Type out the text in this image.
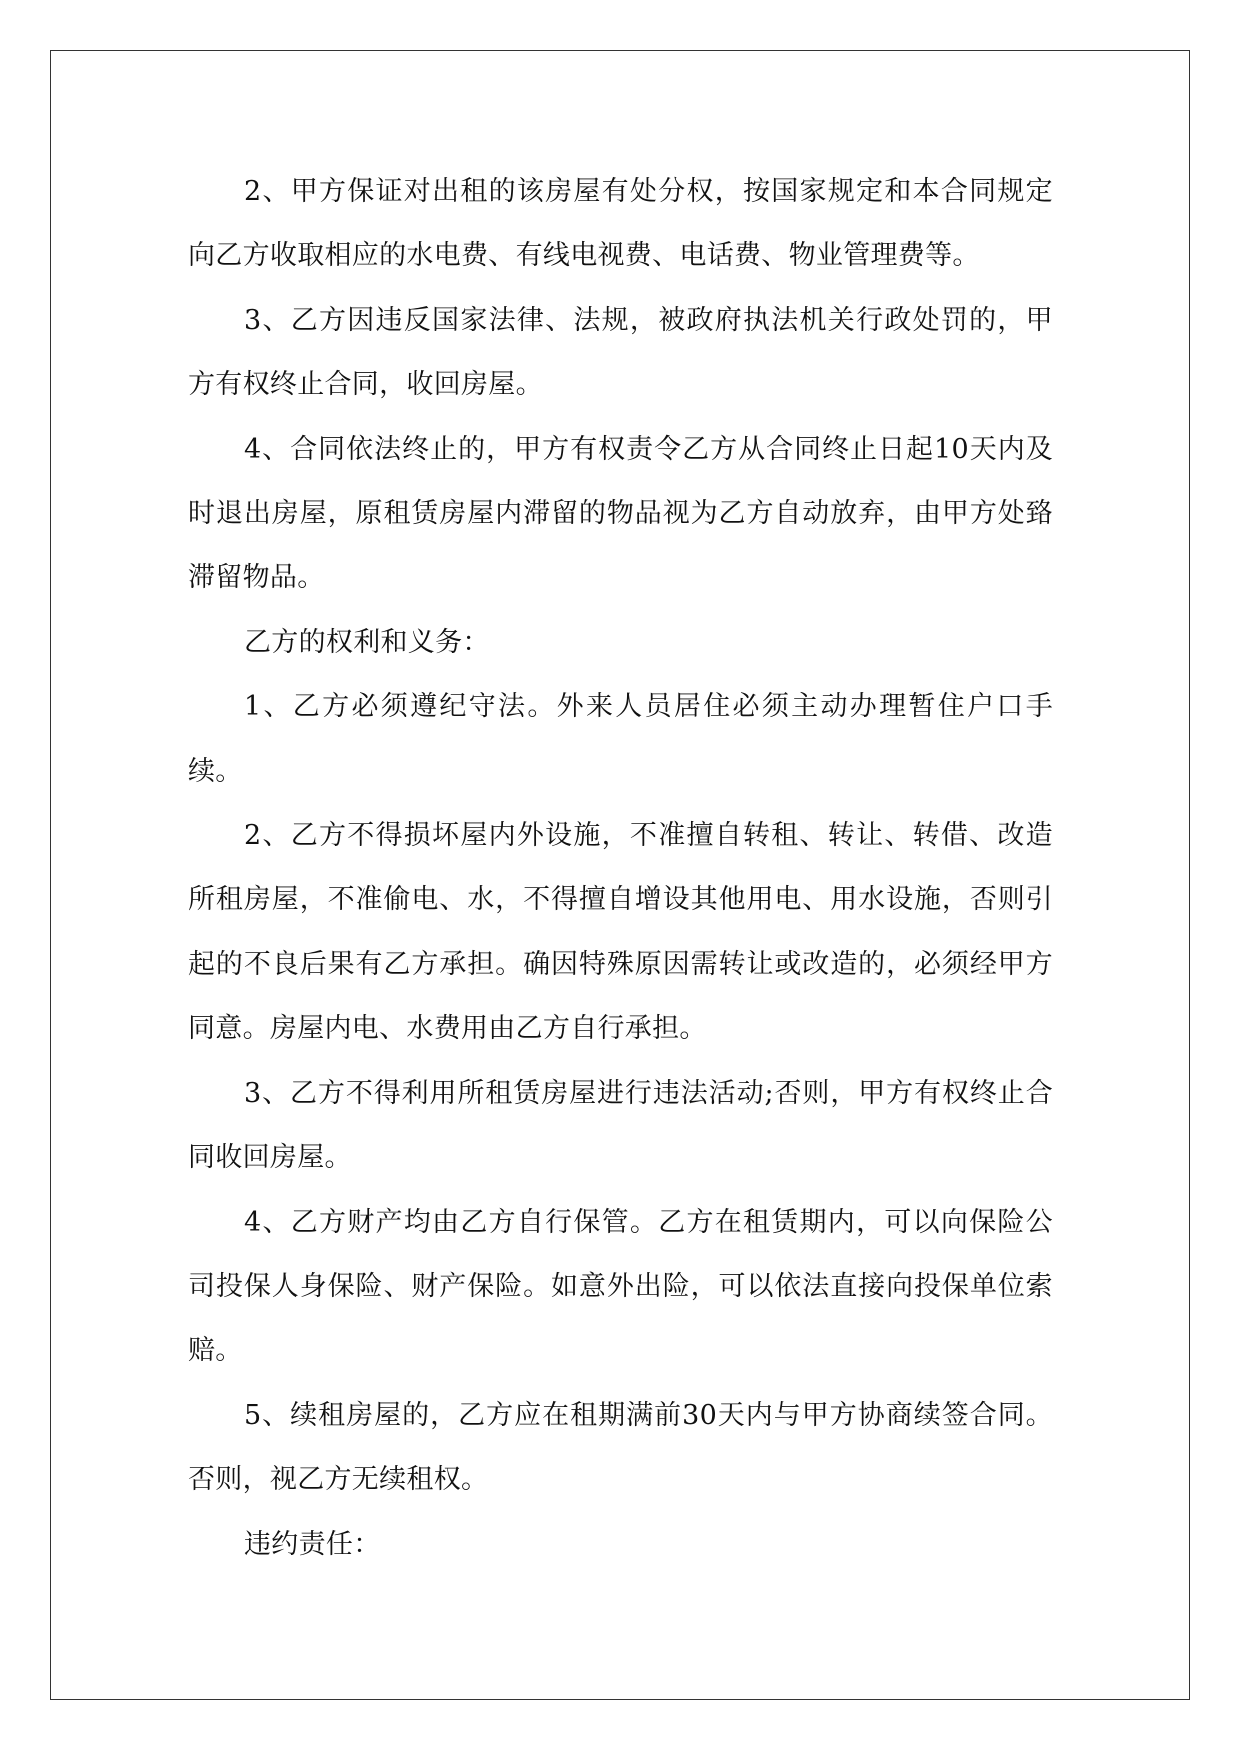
2、甲方保证对出租的该房屋有处分权，按国家规定和本合同规定向乙方收取相应的水电费、有线电视费、电话费、物业管理费等。

3、乙方因违反国家法律、法规，被政府执法机关行政处罚的，甲方有权终止合同，收回房屋。

4、合同依法终止的，甲方有权责令乙方从合同终止日起10天内及时退出房屋，原租赁房屋内滞留的物品视为乙方自动放弃，由甲方处臵滞留物品。

乙方的权利和义务：

1、乙方必须遵纪守法。外来人员居住必须主动办理暂住户口手续。

2、乙方不得损坏屋内外设施，不准擅自转租、转让、转借、改造所租房屋，不准偷电、水，不得擅自增设其他用电、用水设施，否则引起的不良后果有乙方承担。确因特殊原因需转让或改造的，必须经甲方同意。房屋内电、水费用由乙方自行承担。

3、乙方不得利用所租赁房屋进行违法活动;否则，甲方有权终止合同收回房屋。

4、乙方财产均由乙方自行保管。乙方在租赁期内，可以向保险公司投保人身保险、财产保险。如意外出险，可以依法直接向投保单位索赔。

5、续租房屋的，乙方应在租期满前30天内与甲方协商续签合同。否则，视乙方无续租权。

违约责任：
